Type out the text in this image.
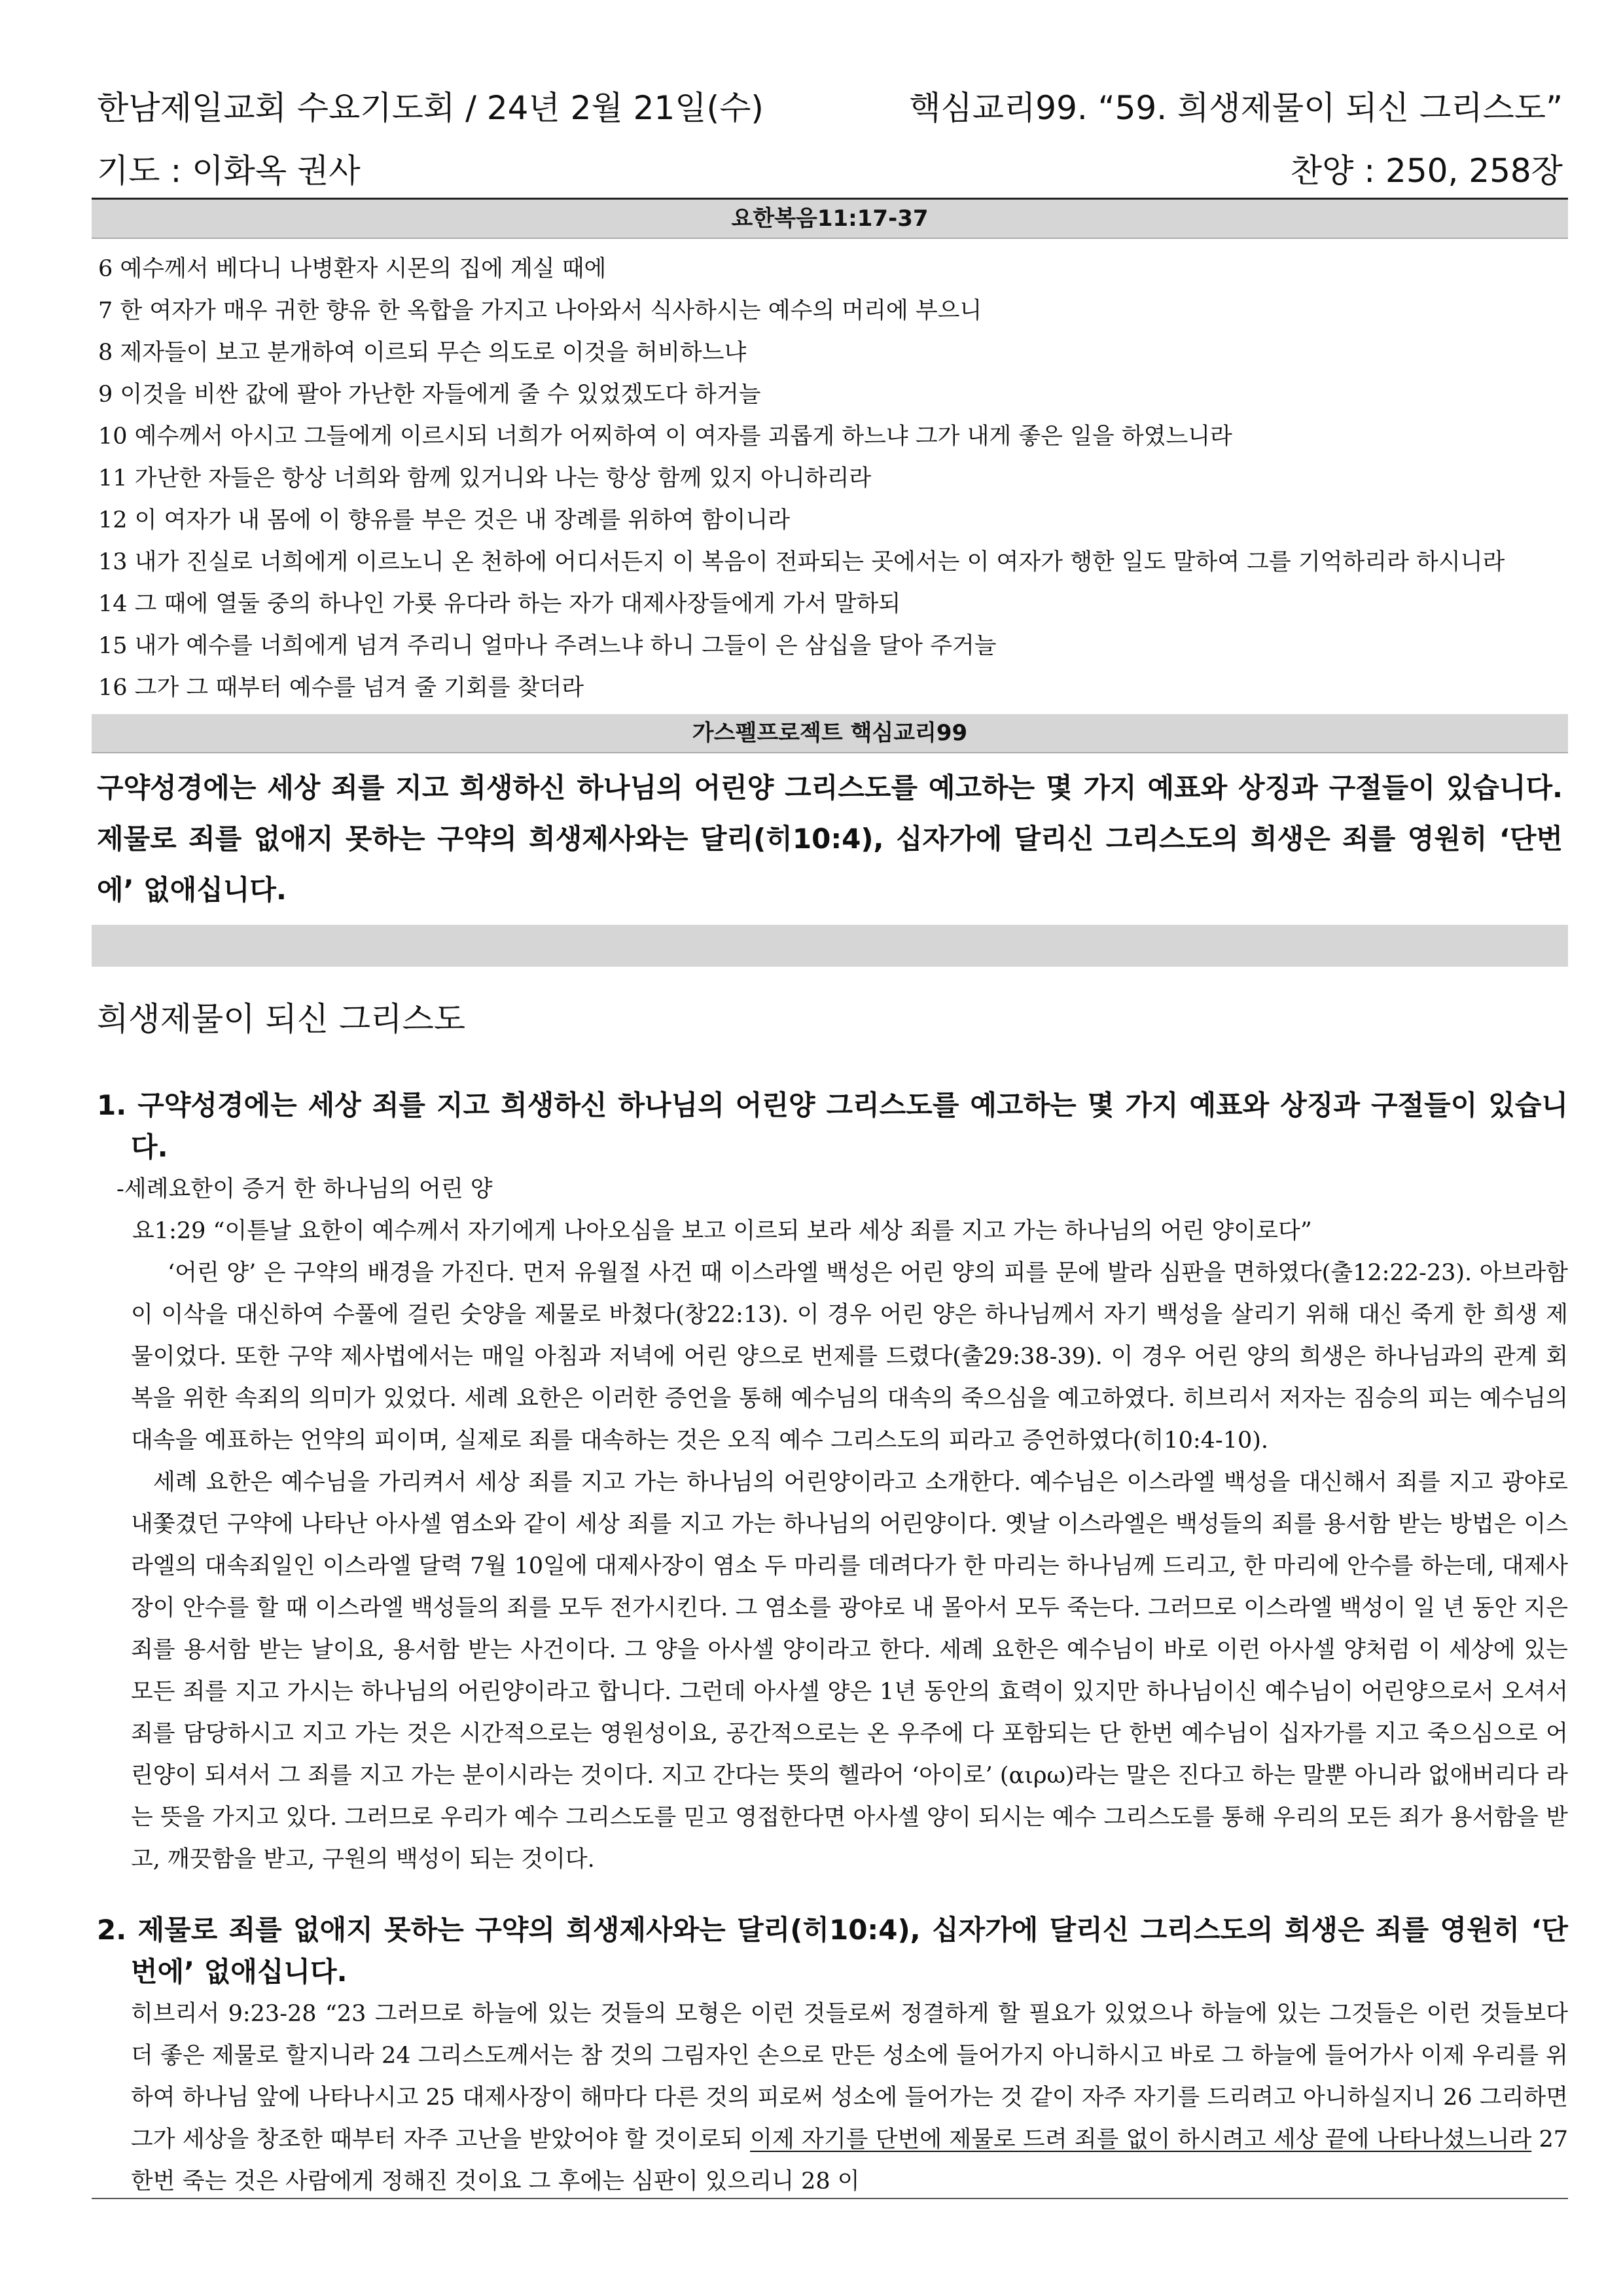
한남제일교회 수요기도회 / 24년 2월 21일(수)	핵심교리99. “59. 희생제물이 되신 그리스도”
기도 : 이화옥 권사	찬양 : 250, 258장
요한복음11:17-37
6 예수께서 베다니 나병환자 시몬의 집에 계실 때에
7 한 여자가 매우 귀한 향유 한 옥합을 가지고 나아와서 식사하시는 예수의 머리에 부으니
8 제자들이 보고 분개하여 이르되 무슨 의도로 이것을 허비하느냐
9 이것을 비싼 값에 팔아 가난한 자들에게 줄 수 있었겠도다 하거늘
10 예수께서 아시고 그들에게 이르시되 너희가 어찌하여 이 여자를 괴롭게 하느냐 그가 내게 좋은 일을 하였느니라
11 가난한 자들은 항상 너희와 함께 있거니와 나는 항상 함께 있지 아니하리라
12 이 여자가 내 몸에 이 향유를 부은 것은 내 장례를 위하여 함이니라
13 내가 진실로 너희에게 이르노니 온 천하에 어디서든지 이 복음이 전파되는 곳에서는 이 여자가 행한 일도 말하여 그를 기억하리라 하시니라
14 그 때에 열둘 중의 하나인 가룟 유다라 하는 자가 대제사장들에게 가서 말하되
15 내가 예수를 너희에게 넘겨 주리니 얼마나 주려느냐 하니 그들이 은 삼십을 달아 주거늘
16 그가 그 때부터 예수를 넘겨 줄 기회를 찾더라
가스펠프로젝트 핵심교리99
구약성경에는 세상 죄를 지고 희생하신 하나님의 어린양 그리스도를 예고하는 몇 가지 예표와 상징과 구절들이 있습니다. 제물로 죄를 없애지 못하는 구약의 희생제사와는 달리(히10:4), 십자가에 달리신 그리스도의 희생은 죄를 영원히 ‘단번에’ 없애십니다.
희생제물이 되신 그리스도
1. 구약성경에는 세상 죄를 지고 희생하신 하나님의 어린양 그리스도를 예고하는 몇 가지 예표와 상징과 구절들이 있습니다.
-세례요한이 증거 한 하나님의 어린 양
요1:29 “이튿날 요한이 예수께서 자기에게 나아오심을 보고 이르되 보라 세상 죄를 지고 가는 하나님의 어린 양이로다”
‘어린 양’ 은 구약의 배경을 가진다. 먼저 유월절 사건 때 이스라엘 백성은 어린 양의 피를 문에 발라 심판을 면하였다(출12:22-23). 아브라함이 이삭을 대신하여 수풀에 걸린 숫양을 제물로 바쳤다(창22:13). 이 경우 어린 양은 하나님께서 자기 백성을 살리기 위해 대신 죽게 한 희생 제물이었다. 또한 구약 제사법에서는 매일 아침과 저녁에 어린 양으로 번제를 드렸다(출29:38-39). 이 경우 어린 양의 희생은 하나님과의 관계 회복을 위한 속죄의 의미가 있었다. 세례 요한은 이러한 증언을 통해 예수님의 대속의 죽으심을 예고하였다. 히브리서 저자는 짐승의 피는 예수님의 대속을 예표하는 언약의 피이며, 실제로 죄를 대속하는 것은 오직 예수 그리스도의 피라고 증언하였다(히10:4-10).
세례 요한은 예수님을 가리켜서 세상 죄를 지고 가는 하나님의 어린양이라고 소개한다. 예수님은 이스라엘 백성을 대신해서 죄를 지고 광야로 내쫓겼던 구약에 나타난 아사셀 염소와 같이 세상 죄를 지고 가는 하나님의 어린양이다. 옛날 이스라엘은 백성들의 죄를 용서함 받는 방법은 이스라엘의 대속죄일인 이스라엘 달력 7월 10일에 대제사장이 염소 두 마리를 데려다가 한 마리는 하나님께 드리고, 한 마리에 안수를 하는데, 대제사장이 안수를 할 때 이스라엘 백성들의 죄를 모두 전가시킨다. 그 염소를 광야로 내 몰아서 모두 죽는다. 그러므로 이스라엘 백성이 일 년 동안 지은 죄를 용서함 받는 날이요, 용서함 받는 사건이다. 그 양을 아사셀 양이라고 한다. 세례 요한은 예수님이 바로 이런 아사셀 양처럼 이 세상에 있는 모든 죄를 지고 가시는 하나님의 어린양이라고 합니다. 그런데 아사셀 양은 1년 동안의 효력이 있지만 하나님이신 예수님이 어린양으로서 오셔서 죄를 담당하시고 지고 가는 것은 시간적으로는 영원성이요, 공간적으로는 온 우주에 다 포함되는 단 한번 예수님이 십자가를 지고 죽으심으로 어린양이 되셔서 그 죄를 지고 가는 분이시라는 것이다. 지고 간다는 뜻의 헬라어 ‘아이로’ (αιρω)라는 말은 진다고 하는 말뿐 아니라 없애버리다 라는 뜻을 가지고 있다. 그러므로 우리가 예수 그리스도를 믿고 영접한다면 아사셀 양이 되시는 예수 그리스도를 통해 우리의 모든 죄가 용서함을 받고, 깨끗함을 받고, 구원의 백성이 되는 것이다.
2. 제물로 죄를 없애지 못하는 구약의 희생제사와는 달리(히10:4), 십자가에 달리신 그리스도의 희생은 죄를 영원히 ‘단번에’ 없애십니다.
히브리서 9:23-28 “23 그러므로 하늘에 있는 것들의 모형은 이런 것들로써 정결하게 할 필요가 있었으나 하늘에 있는 그것들은 이런 것들보다 더 좋은 제물로 할지니라 24 그리스도께서는 참 것의 그림자인 손으로 만든 성소에 들어가지 아니하시고 바로 그 하늘에 들어가사 이제 우리를 위하여 하나님 앞에 나타나시고 25 대제사장이 해마다 다른 것의 피로써 성소에 들어가는 것 같이 자주 자기를 드리려고 아니하실지니 26 그리하면 그가 세상을 창조한 때부터 자주 고난을 받았어야 할 것이로되 이제 자기를 단번에 제물로 드려 죄를 없이 하시려고 세상 끝에 나타나셨느니라 27 한번 죽는 것은 사람에게 정해진 것이요 그 후에는 심판이 있으리니 28 이
